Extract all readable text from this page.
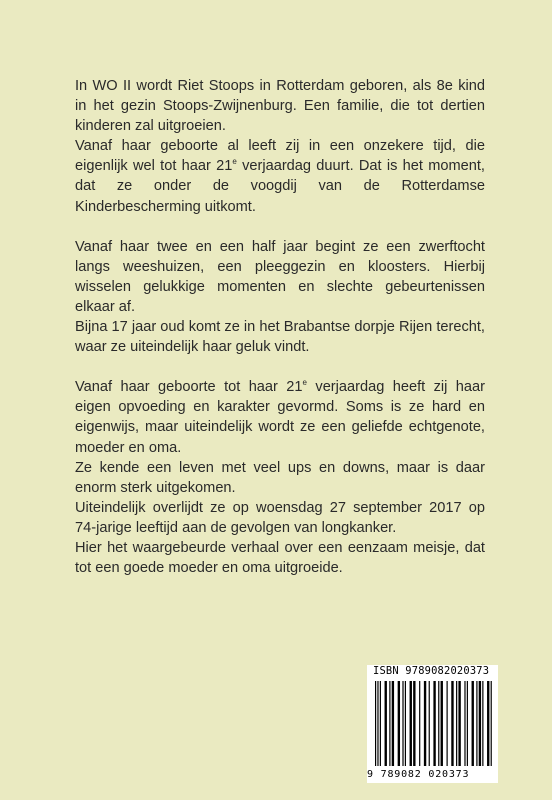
In WO II wordt Riet Stoops in Rotterdam geboren, als 8e kind in het gezin Stoops-Zwijnenburg. Een familie, die tot dertien kinderen zal uitgroeien.

Vanaf haar geboorte al leeft zij in een onzekere tijd, die eigenlijk wel tot haar 21e verjaardag duurt. Dat is het moment, dat ze onder de voogdij van de Rotterdamse Kinderbescherming uitkomt.

Vanaf haar twee en een half jaar begint ze een zwerftocht langs weeshuizen, een pleeggezin en kloosters. Hierbij wisselen gelukkige momenten en slechte gebeurtenissen elkaar af.

Bijna 17 jaar oud komt ze in het Brabantse dorpje Rijen terecht, waar ze uiteindelijk haar geluk vindt.

Vanaf haar geboorte tot haar 21e verjaardag heeft zij haar eigen opvoeding en karakter gevormd. Soms is ze hard en eigenwijs, maar uiteindelijk wordt ze een geliefde echtgenote, moeder en oma.

Ze kende een leven met veel ups en downs, maar is daar enorm sterk uitgekomen.

Uiteindelijk overlijdt ze op woensdag 27 september 2017 op 74-jarige leeftijd aan de gevolgen van longkanker.

Hier het waargebeurde verhaal over een eenzaam meisje, dat tot een goede moeder en oma uitgroeide.

ISBN 9789082020373
9 789082 020373
